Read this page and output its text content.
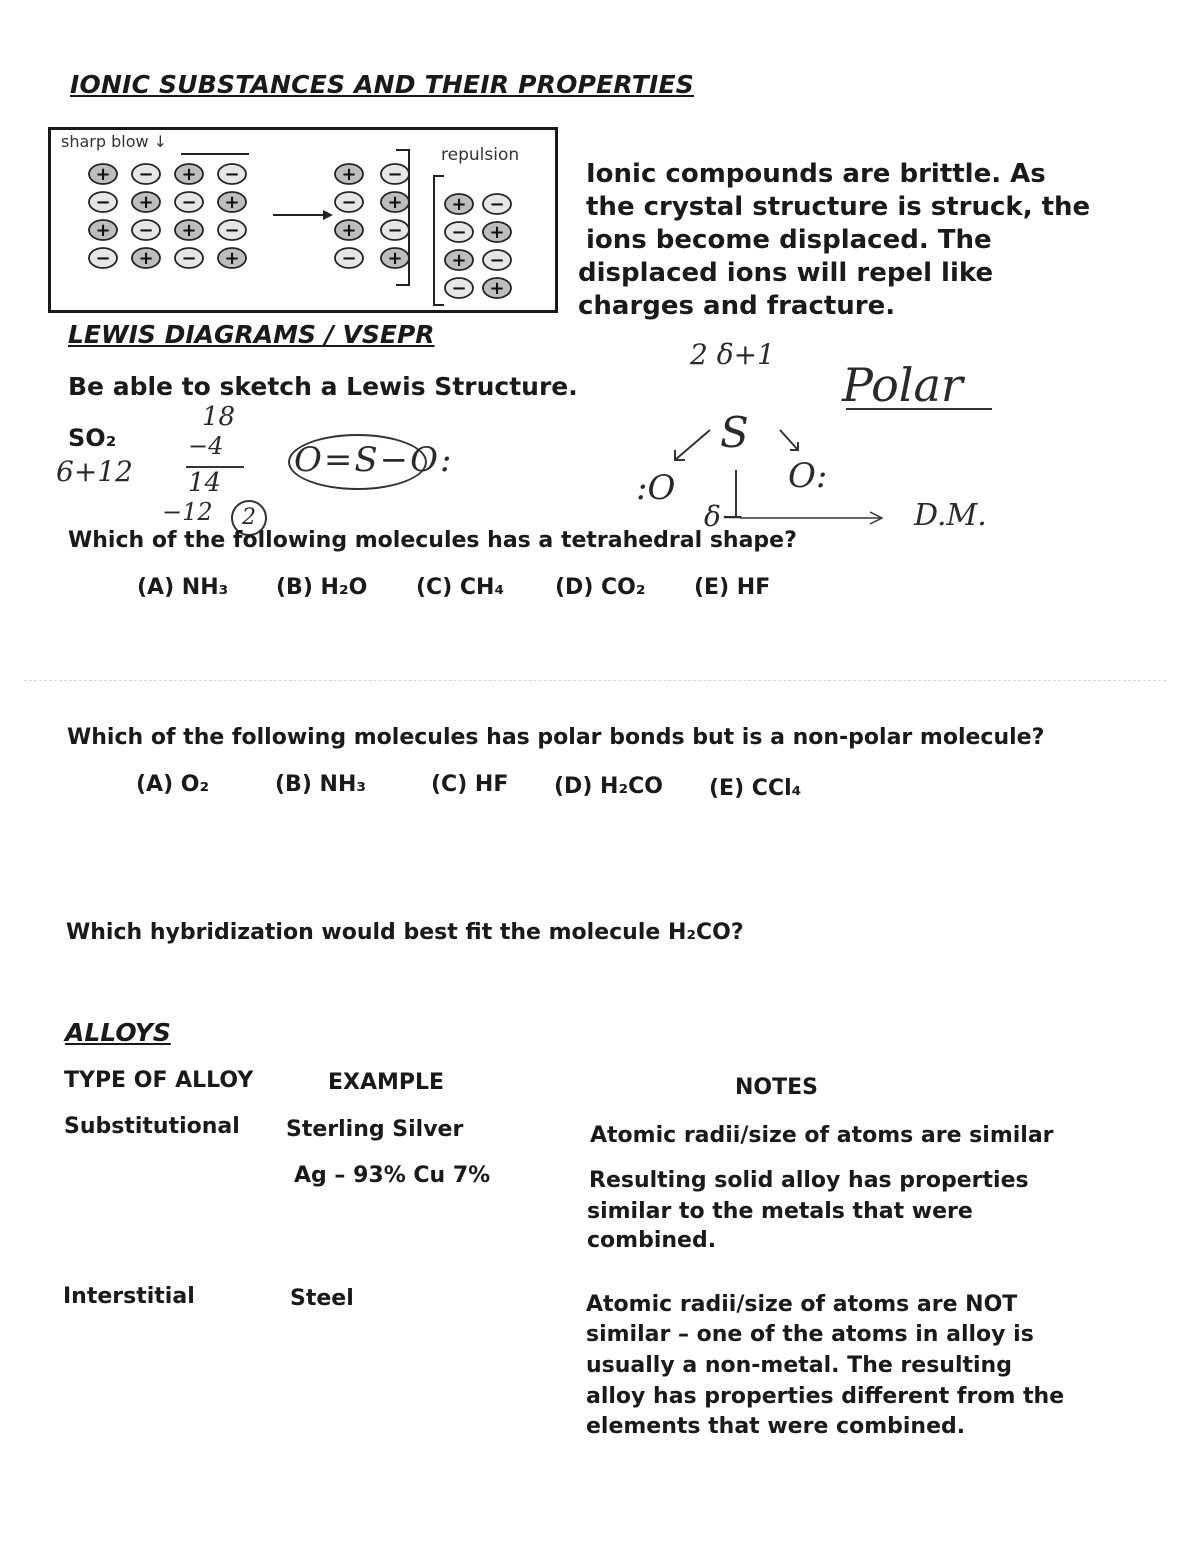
IONIC SUBSTANCES AND THEIR PROPERTIES
+ − + −
− + − +
+ − + −
− + − +
+ −
− +
+ −
− +
+ −
− +
+ −
− +
sharp blow ↓
repulsion
Ionic compounds are brittle. As
the crystal structure is struck, the
ions become displaced. The
displaced ions will repel like
charges and fracture.
LEWIS DIAGRAMS / VSEPR
Be able to sketch a Lewis Structure.
SO₂
6+12
18
−4
14
−12	2
O=S−O:
2 δ+1
Polar
S
:O	O:
δ−	D.M.
Which of the following molecules has a tetrahedral shape?
(A) NH₃ (B) H₂O (C) CH₄ (D) CO₂ (E) HF
Which of the following molecules has polar bonds but is a non-polar molecule?
(A) O₂	(B) NH₃	(C) HF (D) H₂CO (E) CCl₄
Which hybridization would best fit the molecule H₂CO?
ALLOYS
TYPE OF ALLOY	EXAMPLE	NOTES
Substitutional Sterling Silver
Ag – 93% Cu 7%
Atomic radii/size of atoms are similar
Resulting solid alloy has properties
similar to the metals that were
combined.
Interstitial	Steel	Atomic radii/size of atoms are NOT
similar – one of the atoms in alloy is
usually a non-metal. The resulting
alloy has properties different from the
elements that were combined.
